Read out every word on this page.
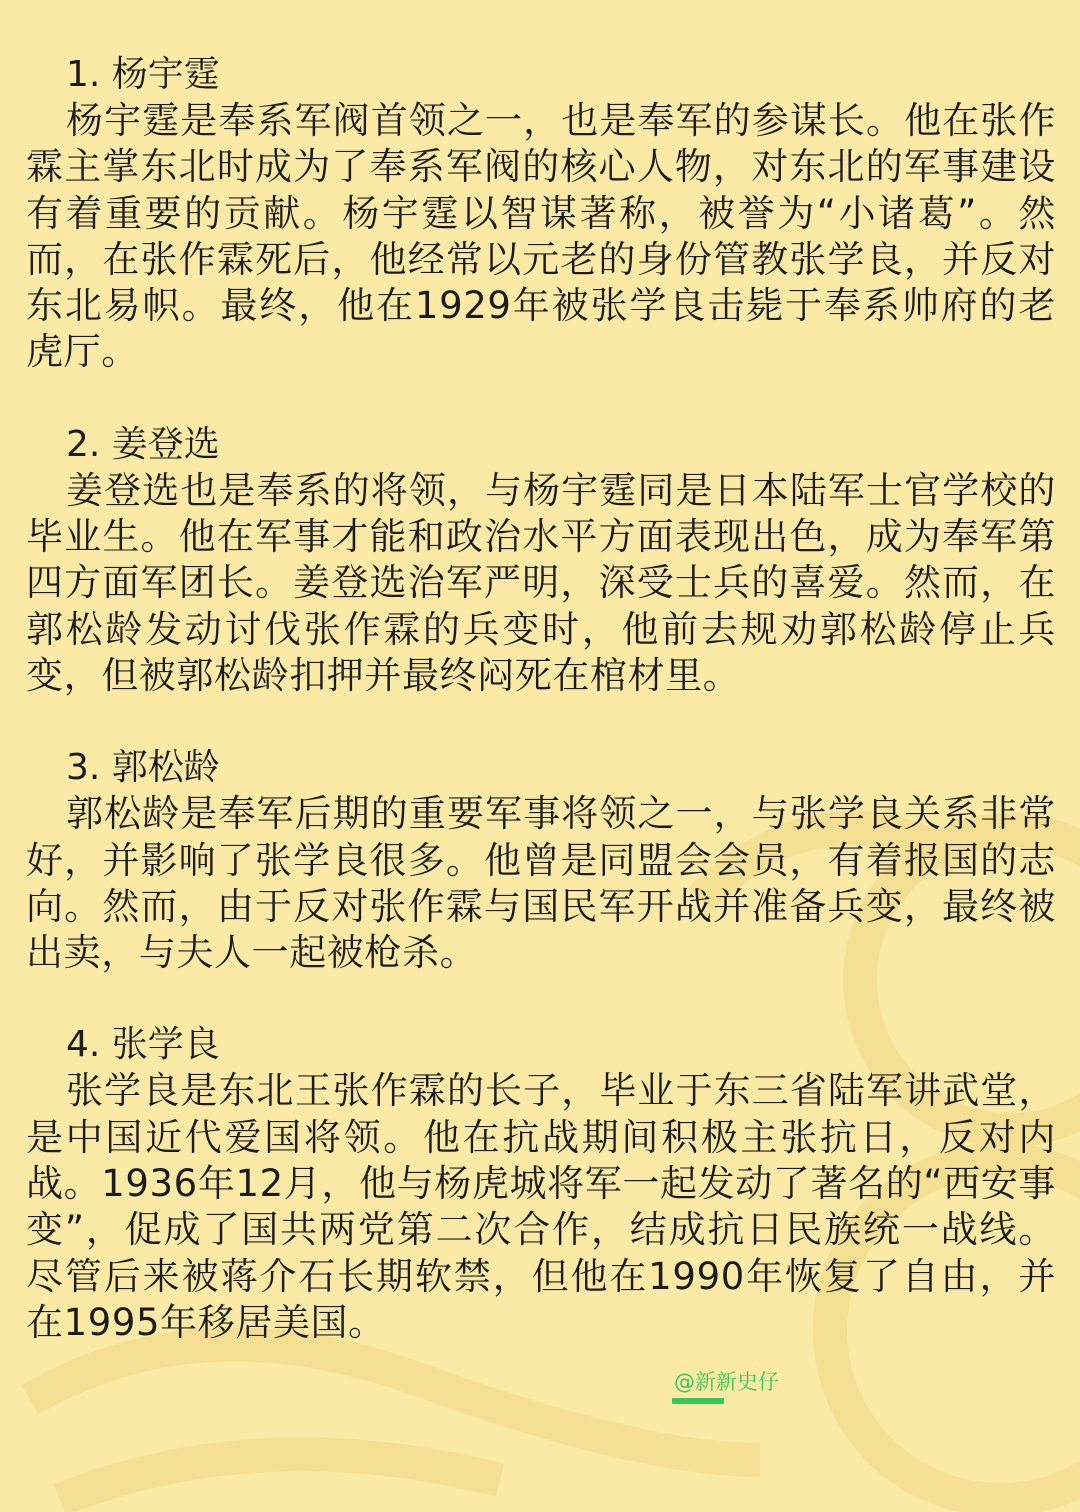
1. 杨宇霆

杨宇霆是奉系军阀首领之一，也是奉军的参谋长。他在张作霖主掌东北时成为了奉系军阀的核心人物，对东北的军事建设有着重要的贡献。杨宇霆以智谋著称，被誉为“小诸葛”。然而，在张作霖死后，他经常以元老的身份管教张学良，并反对东北易帜。最终，他在1929年被张学良击毙于奉系帅府的老虎厅。

2. 姜登选

姜登选也是奉系的将领，与杨宇霆同是日本陆军士官学校的毕业生。他在军事才能和政治水平方面表现出色，成为奉军第四方面军团长。姜登选治军严明，深受士兵的喜爱。然而，在郭松龄发动讨伐张作霖的兵变时，他前去规劝郭松龄停止兵变，但被郭松龄扣押并最终闷死在棺材里。

3. 郭松龄

郭松龄是奉军后期的重要军事将领之一，与张学良关系非常好，并影响了张学良很多。他曾是同盟会会员，有着报国的志向。然而，由于反对张作霖与国民军开战并准备兵变，最终被出卖，与夫人一起被枪杀。

4. 张学良

张学良是东北王张作霖的长子，毕业于东三省陆军讲武堂，是中国近代爱国将领。他在抗战期间积极主张抗日，反对内战。1936年12月，他与杨虎城将军一起发动了著名的“西安事变”，促成了国共两党第二次合作，结成抗日民族统一战线。尽管后来被蒋介石长期软禁，但他在1990年恢复了自由，并在1995年移居美国。

@新新史仔
